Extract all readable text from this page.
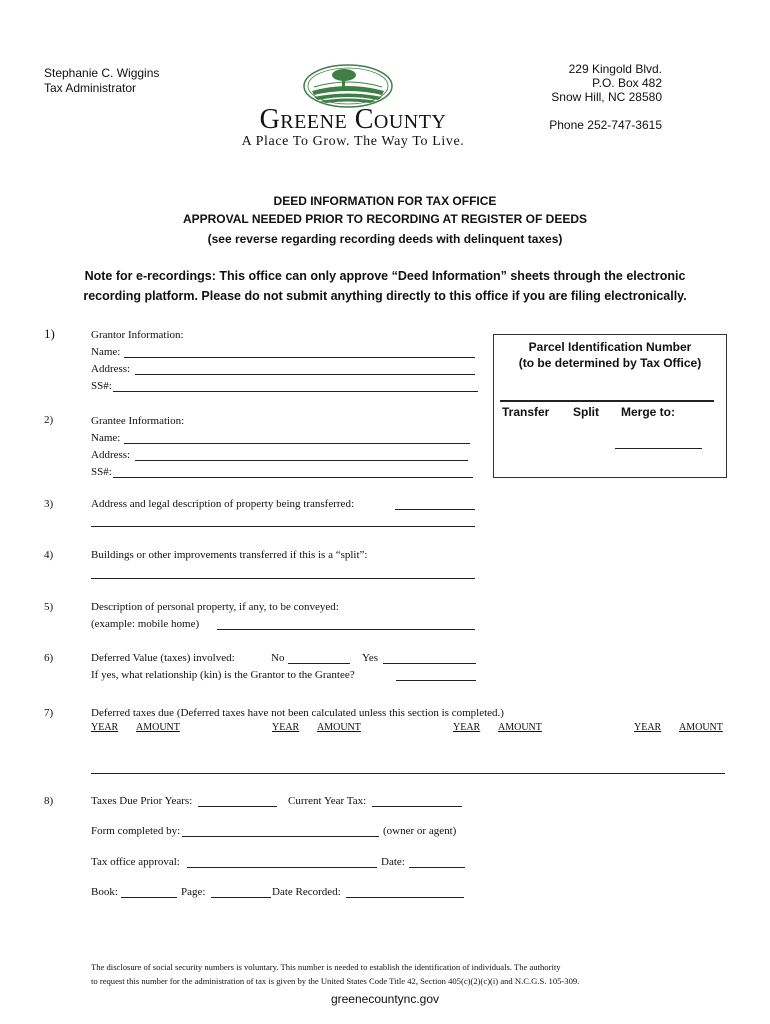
Stephanie C. Wiggins
Tax Administrator
229 Kingold Blvd.
P.O. Box 482
Snow Hill, NC 28580
Phone 252-747-3615
Greene County
A Place To Grow. The Way To Live.
DEED INFORMATION FOR TAX OFFICE
APPROVAL NEEDED PRIOR TO RECORDING AT REGISTER OF DEEDS
(see reverse regarding recording deeds with delinquent taxes)
Note for e-recordings: This office can only approve “Deed Information” sheets through the electronic
recording platform. Please do not submit anything directly to this office if you are filing electronically.
Parcel Identification Number
(to be determined by Tax Office)
Transfer Split Merge to:
1)	Grantor Information:
Name:
Address:
SS#:
2)	Grantee Information:
Name:
Address:
SS#:
3)	Address and legal description of property being transferred:
4)	Buildings or other improvements transferred if this is a “split”:
5)	Description of personal property, if any, to be conveyed:
(example: mobile home)
6)	Deferred Value (taxes) involved:	No	Yes
If yes, what relationship (kin) is the Grantor to the Grantee?
7)	Deferred taxes due (Deferred taxes have not been calculated unless this section is completed.)
YEAR AMOUNT	YEAR AMOUNT	YEAR AMOUNT	YEAR AMOUNT
8)	Taxes Due Prior Years:	Current Year Tax:
Form completed by:	(owner or agent)
Tax office approval:	Date:
Book:	Page:	Date Recorded:
The disclosure of social security numbers is voluntary. This number is needed to establish the identification of individuals. The authority
to request this number for the administration of tax is given by the United States Code Title 42, Section 405(c)(2)(c)(i) and N.C.G.S. 105-309.
greenecountync.gov
